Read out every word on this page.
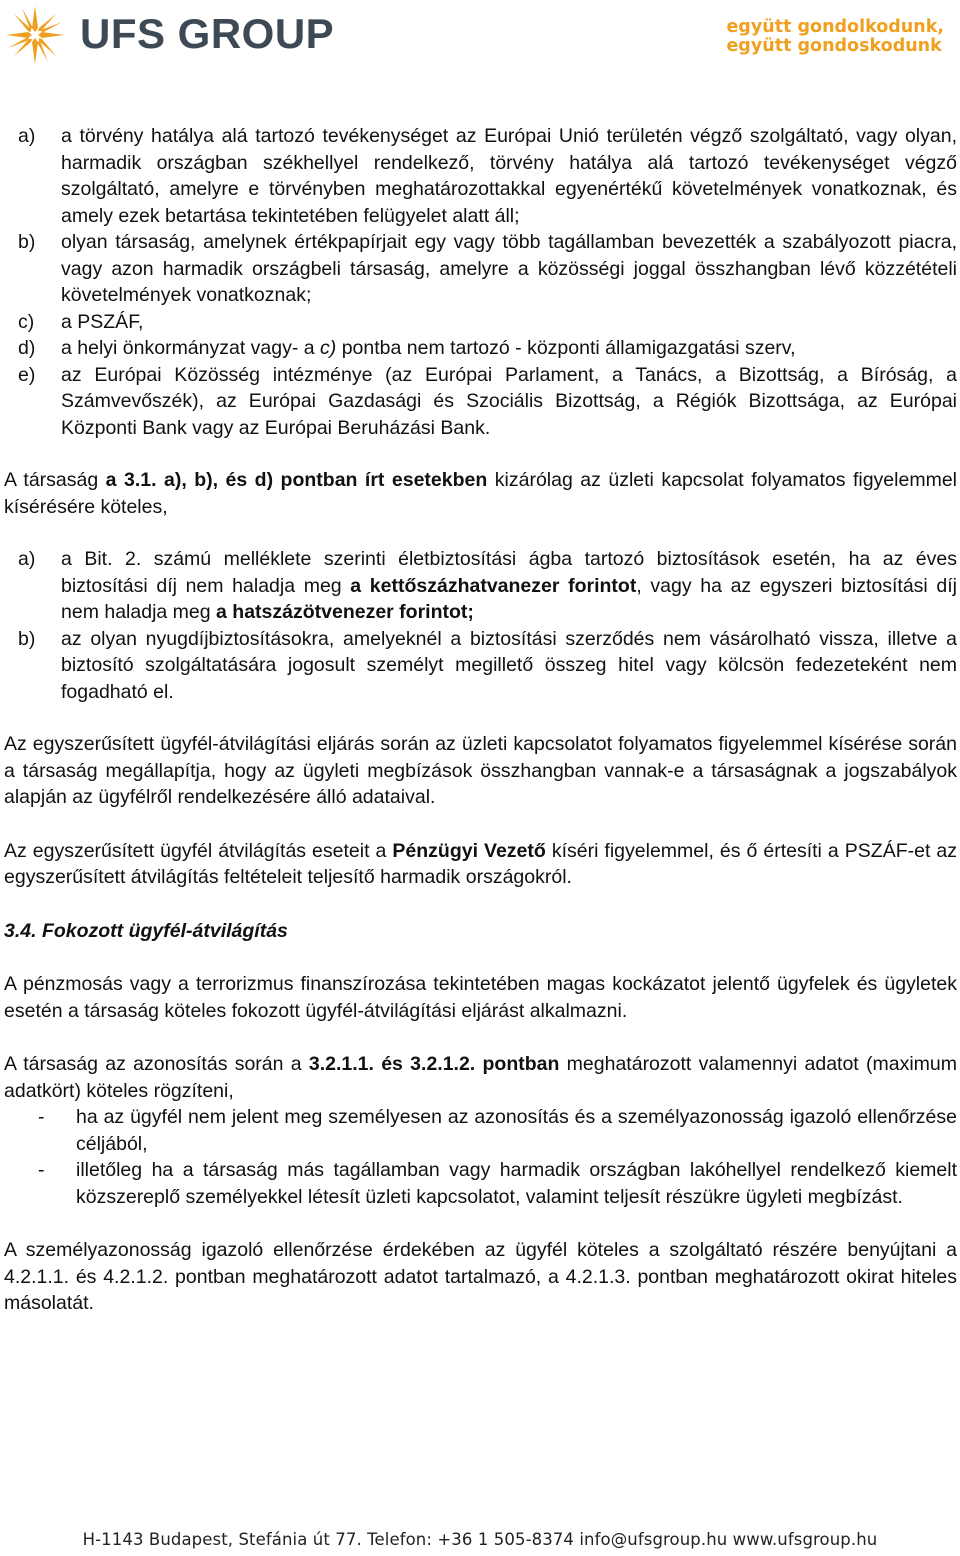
UFS GROUP	együtt gondolkodunk,
együtt gondoskodunk
a) a törvény hatálya alá tartozó tevékenységet az Európai Unió területén végző szolgáltató, vagy olyan, harmadik országban székhellyel rendelkező, törvény hatálya alá tartozó tevékenységet végző szolgáltató, amelyre e törvényben meghatározottakkal egyenértékű követelmények vonatkoznak, és amely ezek betartása tekintetében felügyelet alatt áll;
b) olyan társaság, amelynek értékpapírjait egy vagy több tagállamban bevezették a szabályozott piacra, vagy azon harmadik országbeli társaság, amelyre a közösségi joggal összhangban lévő közzétételi követelmények vonatkoznak;
c) a PSZÁF,
d) a helyi önkormányzat vagy- a c) pontba nem tartozó - központi államigazgatási szerv,
e) az Európai Közösség intézménye (az Európai Parlament, a Tanács, a Bizottság, a Bíróság, a Számvevőszék), az Európai Gazdasági és Szociális Bizottság, a Régiók Bizottsága, az Európai Központi Bank vagy az Európai Beruházási Bank.

A társaság a 3.1. a), b), és d) pontban írt esetekben kizárólag az üzleti kapcsolat folyamatos figyelemmel kísérésére köteles,

a) a Bit. 2. számú melléklete szerinti életbiztosítási ágba tartozó biztosítások esetén, ha az éves biztosítási díj nem haladja meg a kettőszázhatvanezer forintot, vagy ha az egyszeri biztosítási díj nem haladja meg a hatszázötvenezer forintot;
b) az olyan nyugdíjbiztosításokra, amelyeknél a biztosítási szerződés nem vásárolható vissza, illetve a biztosító szolgáltatására jogosult személyt megillető összeg hitel vagy kölcsön fedezeteként nem fogadható el.

Az egyszerűsített ügyfél-átvilágítási eljárás során az üzleti kapcsolatot folyamatos figyelemmel kísérése során a társaság megállapítja, hogy az ügyleti megbízások összhangban vannak-e a társaságnak a jogszabályok alapján az ügyfélről rendelkezésére álló adataival.

Az egyszerűsített ügyfél átvilágítás eseteit a Pénzügyi Vezető kíséri figyelemmel, és ő értesíti a PSZÁF-et az egyszerűsített átvilágítás feltételeit teljesítő harmadik országokról.

3.4. Fokozott ügyfél-átvilágítás

A pénzmosás vagy a terrorizmus finanszírozása tekintetében magas kockázatot jelentő ügyfelek és ügyletek esetén a társaság köteles fokozott ügyfél-átvilágítási eljárást alkalmazni.

A társaság az azonosítás során a 3.2.1.1. és 3.2.1.2. pontban meghatározott valamennyi adatot (maximum adatkört) köteles rögzíteni,

- ha az ügyfél nem jelent meg személyesen az azonosítás és a személyazonosság igazoló ellenőrzése céljából,
- illetőleg ha a társaság más tagállamban vagy harmadik országban lakóhellyel rendelkező kiemelt közszereplő személyekkel létesít üzleti kapcsolatot, valamint teljesít részükre ügyleti megbízást.

A személyazonosság igazoló ellenőrzése érdekében az ügyfél köteles a szolgáltató részére benyújtani a 4.2.1.1. és 4.2.1.2. pontban meghatározott adatot tartalmazó, a 4.2.1.3. pontban meghatározott okirat hiteles másolatát.

H-1143 Budapest, Stefánia út 77. Telefon: +36 1 505-8374 info@ufsgroup.hu www.ufsgroup.hu
